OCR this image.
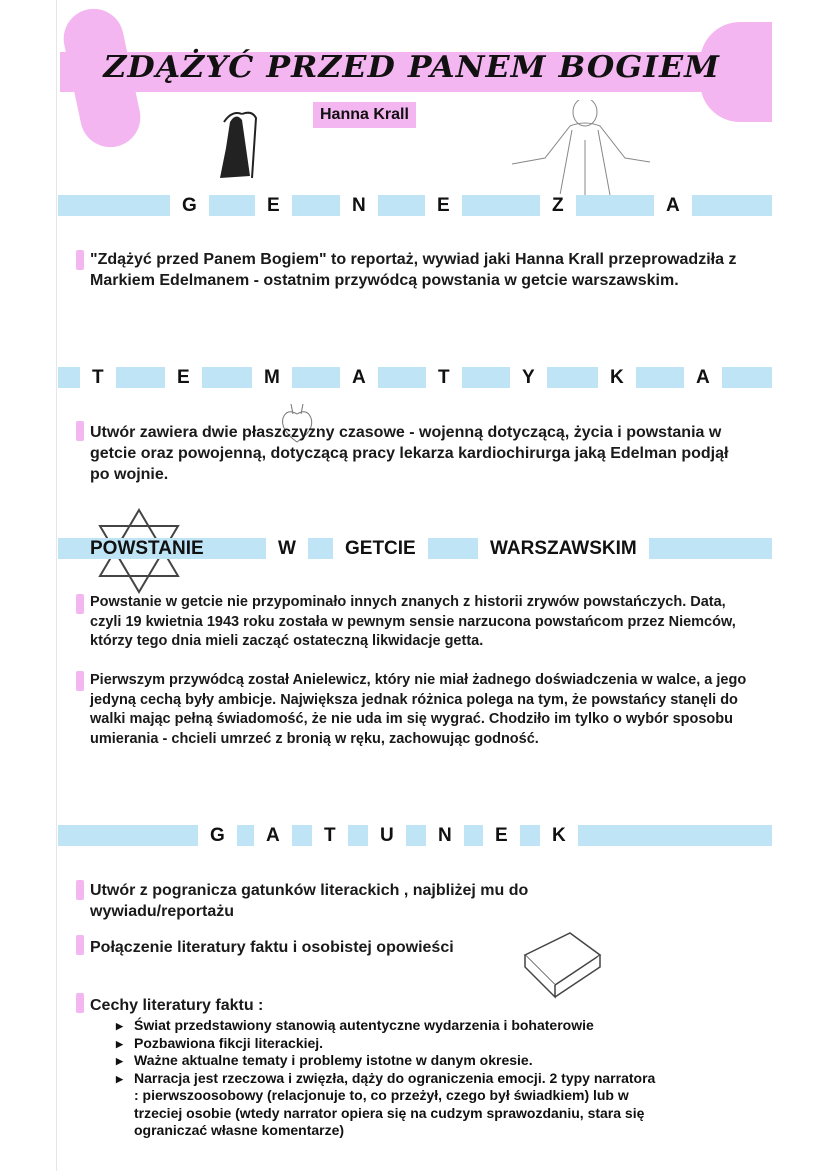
ZDĄŻYĆ PRZED PANEM BOGIEM
Hanna Krall
G	E	N	E	Z	A
"Zdążyć przed Panem Bogiem" to reportaż, wywiad jaki Hanna Krall przeprowadziła z Markiem Edelmanem - ostatnim przywódcą powstania w getcie warszawskim.
T	E	M	A	T	Y	K	A
Utwór zawiera dwie płaszczyzny czasowe - wojenną dotyczącą, życia i powstania w getcie oraz powojenną, dotyczącą pracy lekarza kardiochirurga jaką Edelman podjął po wojnie.
POWSTANIE	W	GETCIE	WARSZAWSKIM
Powstanie w getcie nie przypominało innych znanych z historii zrywów powstańczych. Data, czyli 19 kwietnia 1943 roku została w pewnym sensie narzucona powstańcom przez Niemców, którzy tego dnia mieli zacząć ostateczną likwidacje getta.
Pierwszym przywódcą został Anielewicz, który nie miał żadnego doświadczenia w walce, a jego jedyną cechą były ambicje. Największa jednak różnica polega na tym, że powstańcy stanęli do walki mając pełną świadomość, że nie uda im się wygrać. Chodziło im tylko o wybór sposobu umierania - chcieli umrzeć z bronią w ręku, zachowując godność.
G	A	T	U	N	E	K
Utwór z pogranicza gatunków literackich , najbliżej mu do wywiadu/reportażu
Połączenie literatury faktu i osobistej opowieści
Cechy literatury faktu :
▶ Świat przedstawiony stanowią autentyczne wydarzenia i bohaterowie
▶ Pozbawiona fikcji literackiej.
▶ Ważne aktualne tematy i problemy istotne w danym okresie.
▶ Narracja jest rzeczowa i zwięzła, dąży do ograniczenia emocji. 2 typy narratora : pierwszoosobowy (relacjonuje to, co przeżył, czego był świadkiem) lub w trzeciej osobie (wtedy narrator opiera się na cudzym sprawozdaniu, stara się ograniczać własne komentarze)
